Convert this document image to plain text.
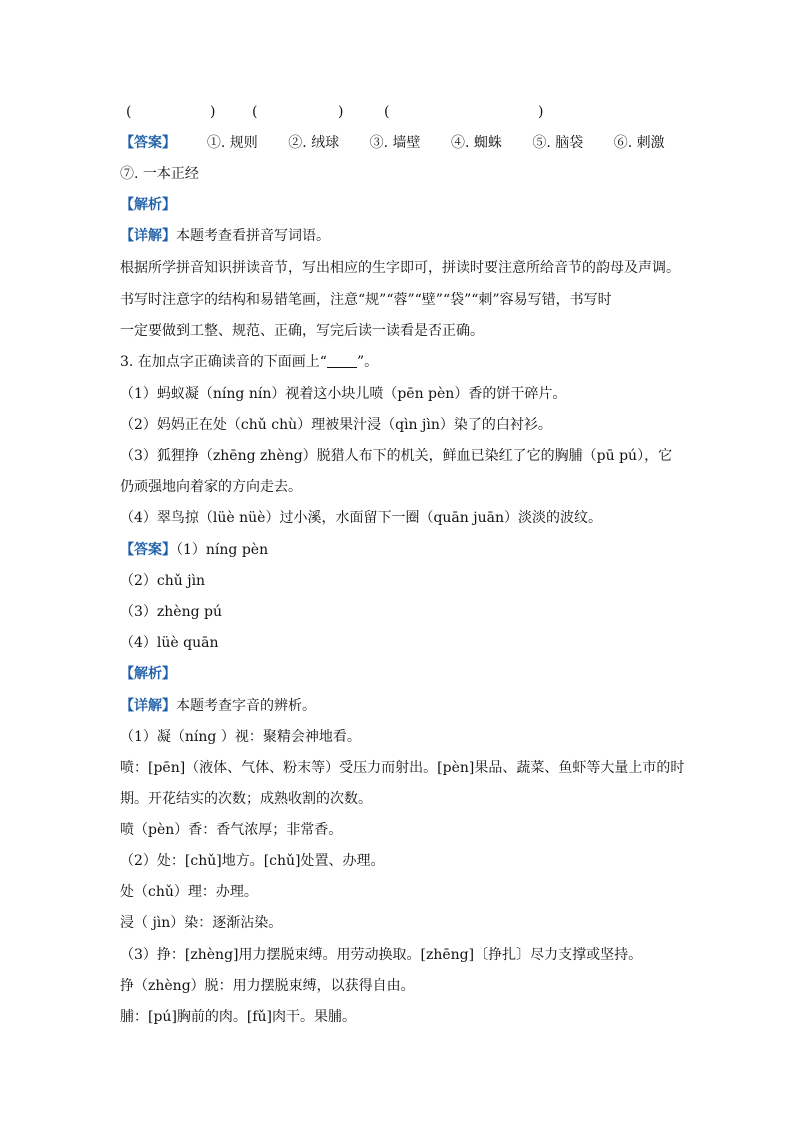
(	)	(	)	(	)
【答案】 ①. 规则 ②. 绒球 ③. 墙壁 ④. 蜘蛛 ⑤. 脑袋 ⑥. 刺激
⑦. 一本正经
【解析】
【详解】本题考查看拼音写词语。
根据所学拼音知识拼读音节，写出相应的生字即可，拼读时要注意所给音节的韵母及声调。
书写时注意字的结构和易错笔画，注意“规”“蓉”“壁”“袋”“刺”容易写错，书写时
一定要做到工整、规范、正确，写完后读一读看是否正确。
3. 在加点字正确读音的下面画上“ ”。
（1）蚂蚁凝（níng nín）视着这小块儿喷（pēn pèn）香的饼干碎片。
（2）妈妈正在处（chǔ chù）理被果汁浸（qìn jìn）染了的白衬衫。
（3）狐狸挣（zhēng zhèng）脱猎人布下的机关，鲜血已染红了它的胸脯（pū pú），它
仍顽强地向着家的方向走去。
（4）翠鸟掠（lüè nüè）过小溪，水面留下一圈（quān juān）淡淡的波纹。
【答案】（1）níng pèn
（2）chǔ jìn
（3）zhèng pú
（4）lüè quān
【解析】
【详解】本题考查字音的辨析。
（1）凝（níng ）视：聚精会神地看。
喷：[pēn]（液体、气体、粉末等）受压力而射出。[pèn]果品、蔬菜、鱼虾等大量上市的时
期。开花结实的次数；成熟收割的次数。
喷（pèn）香：香气浓厚；非常香。
（2）处：[chǔ]地方。[chǔ]处置、办理。
处（chǔ）理：办理。
浸（ jìn）染：逐渐沾染。
（3）挣：[zhèng]用力摆脱束缚。用劳动换取。[zhēng]〔挣扎〕尽力支撑或坚持。
挣（zhèng）脱：用力摆脱束缚，以获得自由。
脯：[pú]胸前的肉。[fǔ]肉干。果脯。
